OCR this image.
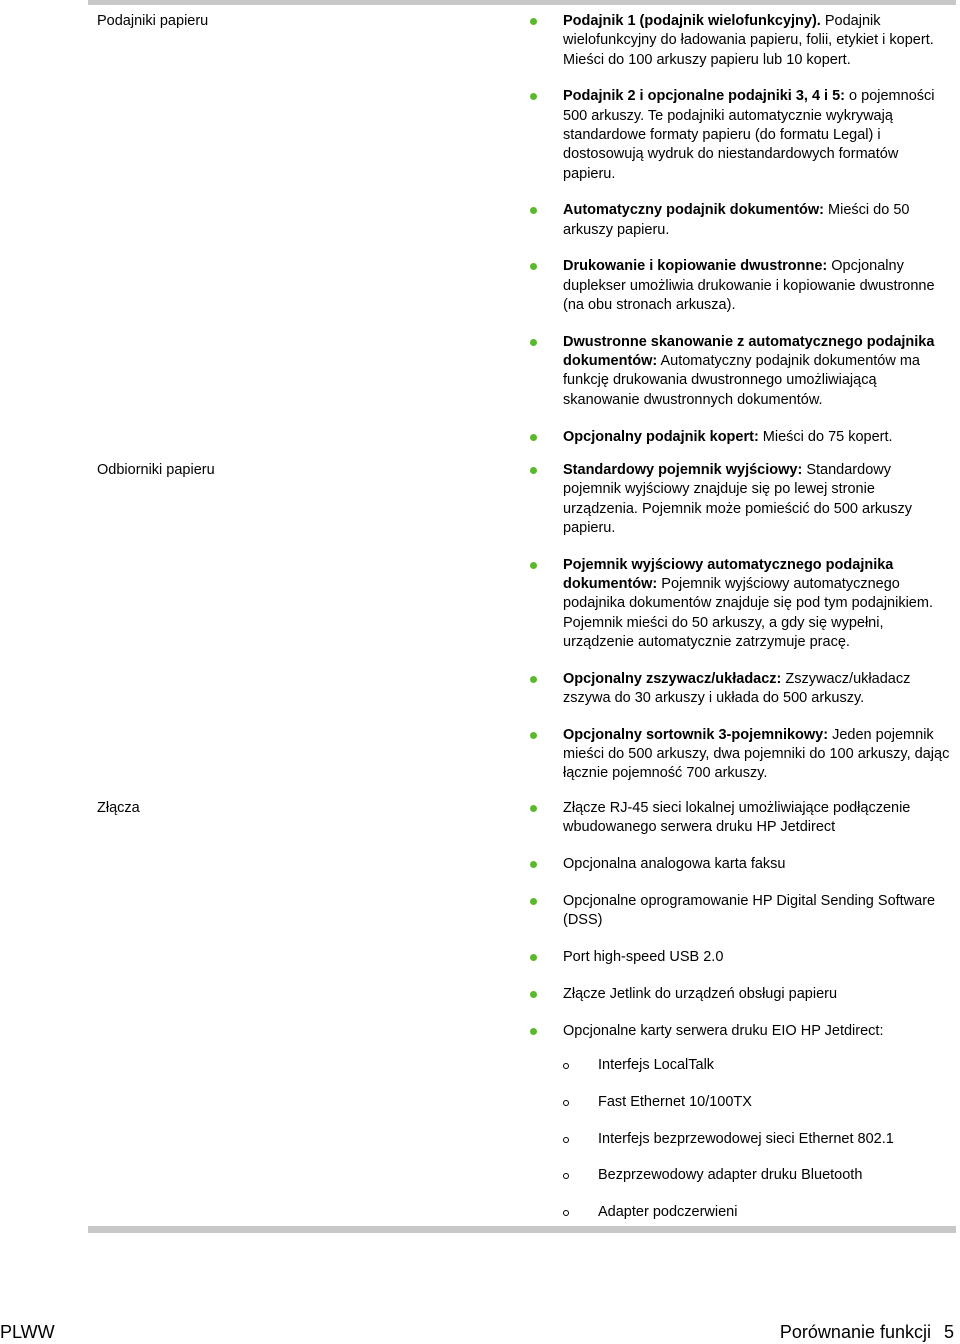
Podajniki papieru	Podajnik 1 (podajnik wielofunkcyjny). Podajnik wielofunkcyjny do ładowania papieru, folii, etykiet i kopert. Mieści do 100 arkuszy papieru lub 10 kopert.
Podajnik 2 i opcjonalne podajniki 3, 4 i 5: o pojemności 500 arkuszy. Te podajniki automatycznie wykrywają standardowe formaty papieru (do formatu Legal) i dostosowują wydruk do niestandardowych formatów papieru.
Automatyczny podajnik dokumentów: Mieści do 50 arkuszy papieru.
Drukowanie i kopiowanie dwustronne: Opcjonalny duplekser umożliwia drukowanie i kopiowanie dwustronne (na obu stronach arkusza).
Dwustronne skanowanie z automatycznego podajnika dokumentów: Automatyczny podajnik dokumentów ma funkcję drukowania dwustronnego umożliwiającą skanowanie dwustronnych dokumentów.
Opcjonalny podajnik kopert: Mieści do 75 kopert.
Odbiorniki papieru	Standardowy pojemnik wyjściowy: Standardowy pojemnik wyjściowy znajduje się po lewej stronie urządzenia. Pojemnik może pomieścić do 500 arkuszy papieru.
Pojemnik wyjściowy automatycznego podajnika dokumentów: Pojemnik wyjściowy automatycznego podajnika dokumentów znajduje się pod tym podajnikiem. Pojemnik mieści do 50 arkuszy, a gdy się wypełni, urządzenie automatycznie zatrzymuje pracę.
Opcjonalny zszywacz/układacz: Zszywacz/układacz zszywa do 30 arkuszy i układa do 500 arkuszy.
Opcjonalny sortownik 3-pojemnikowy: Jeden pojemnik mieści do 500 arkuszy, dwa pojemniki do 100 arkuszy, dając łącznie pojemność 700 arkuszy.
Złącza	Złącze RJ-45 sieci lokalnej umożliwiające podłączenie wbudowanego serwera druku HP Jetdirect
Opcjonalna analogowa karta faksu
Opcjonalne oprogramowanie HP Digital Sending Software (DSS)
Port high-speed USB 2.0
Złącze Jetlink do urządzeń obsługi papieru
Opcjonalne karty serwera druku EIO HP Jetdirect:
Interfejs LocalTalk
Fast Ethernet 10/100TX
Interfejs bezprzewodowej sieci Ethernet 802.1
Bezprzewodowy adapter druku Bluetooth
Adapter podczerwieni
PLWW	Porównanie funkcji 5
